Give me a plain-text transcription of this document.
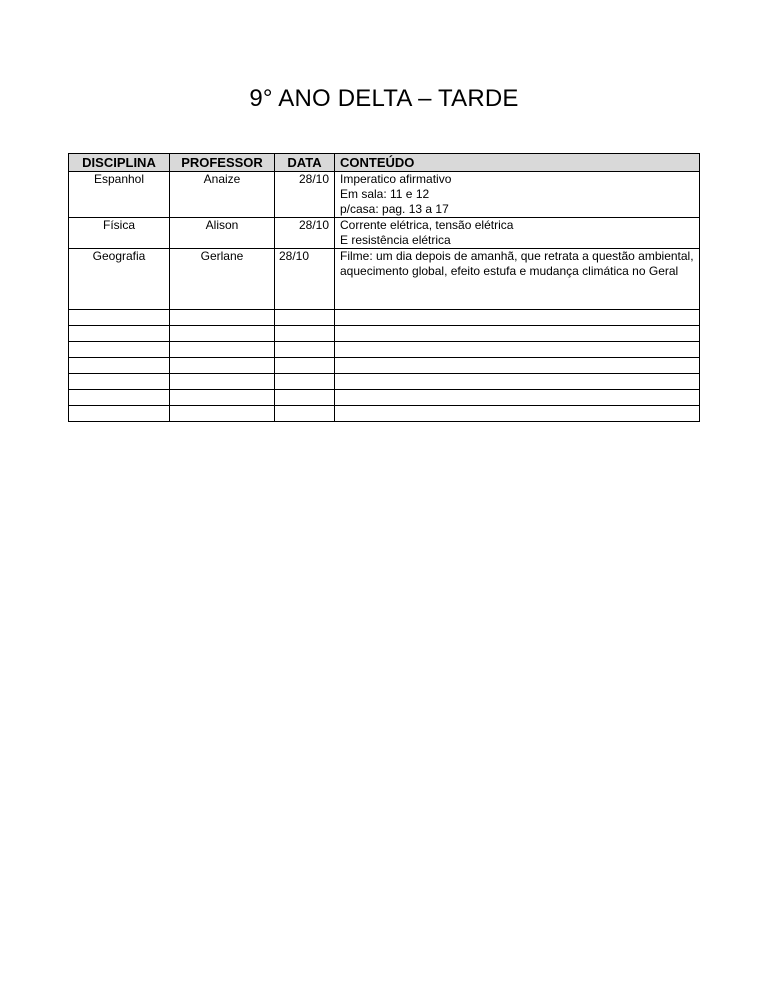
9° ANO DELTA – TARDE
DISCIPLINA	PROFESSOR	DATA	CONTEÚDO
Espanhol	Anaize	28/10	Imperatico afirmativo
Em sala: 11 e 12
p/casa: pag. 13 a 17

Física	Alison	28/10	Corrente elétrica, tensão elétrica
E resistência elétrica

Geografia	Gerlane	28/10	Filme: um dia depois de amanhã, que retrata a questão ambiental, aquecimento global, efeito estufa e mudança climática no Geral
